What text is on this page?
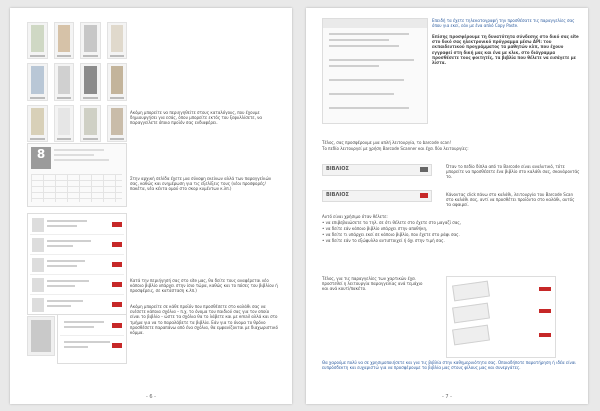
Ακόμη μπορείτε να περιηγηθείτε στους καταλόγους, που έχουμε δημιουργήσει για εσάς, όπου μπορείτε εκτός του ξεφυλλίσετε, να παραγγείλετε όποιο προϊόν σας ενδιαφέρει.
8
Στην αρχική σελίδα έχετε μια σύνοψη εκείνων αλλά των παραγγελιών σας, καθώς και ενημέρωση για τις εξελίξεις τους (νέοι προσφορές/πακέτα, νέα κέντα ομού στο σκορ κυμέντων κ.λπ.)
Κατά την περιήγησή σας στο site μας, θα δείτε τους αναφέρεται νέο κάποιο βιβλίο υπάρχει στην ίσιο τώρα, καθώς και το πόσες του βιβλίου ή προσφέρεις, σε κατάσταση κ.λπ.)
Ακόμη μπορείτε σε κάθε προϊόν που προσθέσετε στο καλάθι σας να ενέσετε κάποια σχόλια – π.χ. το όνομα του παιδιού σας για τον οποίο είναι το βιβλίο – ώστε τα σχόλια θα το λάβετε και με email αλλά και στο τμήμα για να το παραλάβετε τα βιβλία. Εάν για το όνομα το θρόνο προσθέσετε παραπάνω από ένα σχόλια, θα εμφανίζονται με διαχωριστικό κόμμα.
- 6 -
Επειδή τα έχετε τηλεκαταγραφή την προσθέσατε τις παραγγελίες σας όπου για εκεί, εάν με ένα απλό Copy Paste.
Επίσης προσφέρουμε τη δυνατότητα σύνδεσης στο δικό σας site στο δικό σας ηλεκτρονικό πρόγραμμα μέσω API: του εκπαιδευτικού προγράμματος τα μαθητών κλπ, που έχουν εγγραφεί στη δική μας και ένα με κλικ, στο διάγραμμα προσθέσετε τους φοιτητές, τα βιβλία που θέλετε να εισάγετε με λίστα.
Τέλος, σας προσφέρουμε μια απλή λειτουργία, το barcode scan!
Το πεδίο λειτουργεί με χρήση Barcode Scanner και έχει δύο λειτουργίες:
ΒΙΒΛΙΟΣ	Όταν το πεδίο δίπλα από το Barcode είναι αναλυτικό, τότε μπορείτε να προσθέσετε ένα βιβλίο στο καλάθι σας, σκανάροντάς το.
ΒΙΒΛΙΟΣ	Κάνοντας click πάνω στο καλάθι, λειτουργία του Barcode Scan στο καλάθι σας, αντί να προσθέτει προϊόντα στο καλάθι, αυτός τα αφαιρεί.
Αυτό είναι χρήσιμο όταν θέλετε:
• να επιβεβαιώσετε τα τηλ. σε ότι θέλετε στο έχετε στο μαγαζί σας,
• να δείτε εάν κάποιο βιβλίο υπάρχει στην αποθήκη,
• να δείτε τι υπάρχει εκεί σε κάποιο βιβλίο, που έχετε στο ράφι σας.
• να δείτε εάν το εξώφυλλο αντιστοιχεί ή όχι στην τιμή σας.
Τέλος, για τις παραγγελίες των χαρτικών έχει προστεθεί η λειτουργία παραγγελίας ανά τεμάχιο και ανά κουτί/πακέτο.
Θα χαρούμε πολύ να σε χρησιμοποιήσετε και για τις βιβλία στην καθημερινότητα σας. Οποιαδήποτε παρατήρηση ή ιδέα είναι ευπρόσδεκτη και ευχαριστώ για να προσφέρουμε τα βιβλία μας στους φίλους μας και συνεργάτες.
- 7 -
